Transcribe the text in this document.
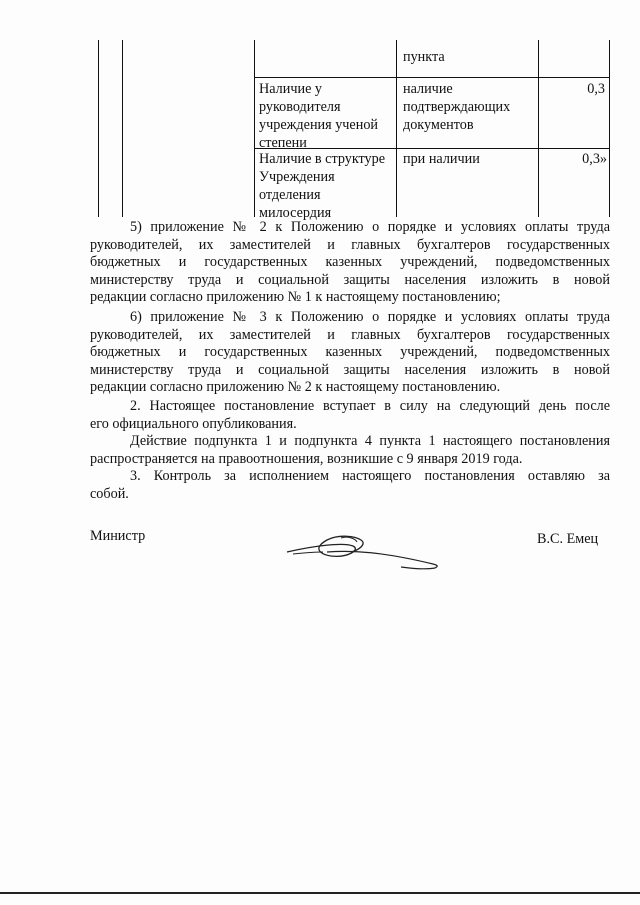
пункта
Наличие у
руководителя
учреждения ученой
степени
наличие
подтверждающих
документов
0,3
Наличие в структуре
Учреждения
отделения
милосердия
при наличии	0,3»
5) приложение № 2 к Положению о порядке и условиях оплаты труда
руководителей, их заместителей и главных бухгалтеров государственных
бюджетных и государственных казенных учреждений, подведомственных
министерству труда и социальной защиты населения изложить в новой
редакции согласно приложению № 1 к настоящему постановлению;
6) приложение № 3 к Положению о порядке и условиях оплаты труда
руководителей, их заместителей и главных бухгалтеров государственных
бюджетных и государственных казенных учреждений, подведомственных
министерству труда и социальной защиты населения изложить в новой
редакции согласно приложению № 2 к настоящему постановлению.
2. Настоящее постановление вступает в силу на следующий день после
его официального опубликования.
Действие подпункта 1 и подпункта 4 пункта 1 настоящего постановления
распространяется на правоотношения, возникшие с 9 января 2019 года.
3. Контроль за исполнением настоящего постановления оставляю за
собой.
Министр	В.С. Емец
